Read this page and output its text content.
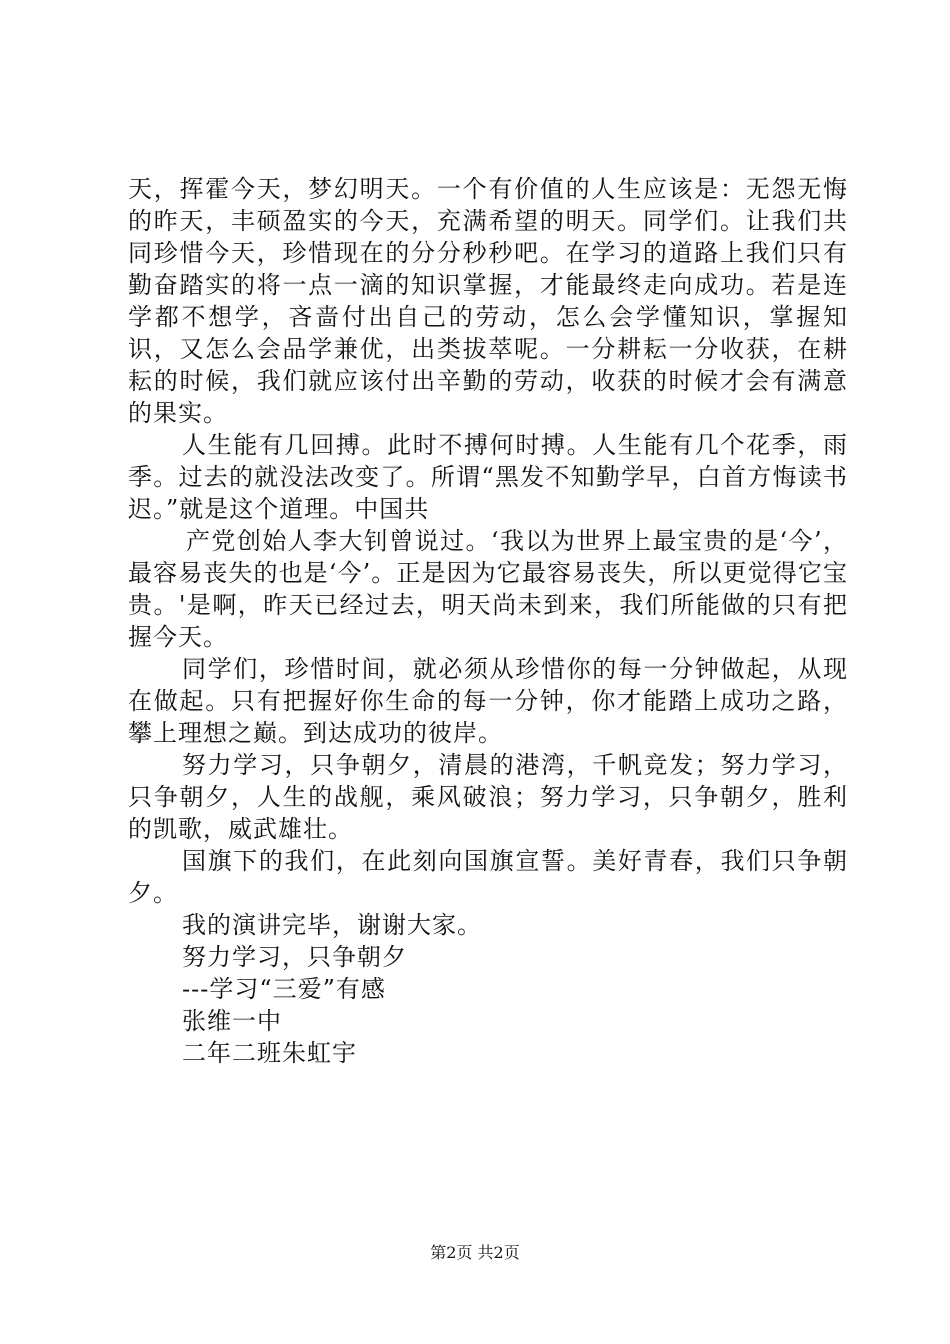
天，挥霍今天，梦幻明天。一个有价值的人生应该是：无怨无悔的昨天，丰硕盈实的今天，充满希望的明天。同学们。让我们共同珍惜今天，珍惜现在的分分秒秒吧。在学习的道路上我们只有勤奋踏实的将一点一滴的知识掌握，才能最终走向成功。若是连学都不想学，吝啬付出自己的劳动，怎么会学懂知识，掌握知识，又怎么会品学兼优，出类拔萃呢。一分耕耘一分收获，在耕耘的时候，我们就应该付出辛勤的劳动，收获的时候才会有满意的果实。

人生能有几回搏。此时不搏何时搏。人生能有几个花季，雨季。过去的就没法改变了。所谓“黑发不知勤学早，白首方悔读书迟。”就是这个道理。中国共

产党创始人李大钊曾说过。‘我以为世界上最宝贵的是‘今’，最容易丧失的也是‘今’。正是因为它最容易丧失，所以更觉得它宝贵。'是啊，昨天已经过去，明天尚未到来，我们所能做的只有把握今天。

同学们，珍惜时间，就必须从珍惜你的每一分钟做起，从现在做起。只有把握好你生命的每一分钟，你才能踏上成功之路，攀上理想之巅。到达成功的彼岸。

努力学习，只争朝夕，清晨的港湾，千帆竞发；努力学习，只争朝夕，人生的战舰，乘风破浪；努力学习，只争朝夕，胜利的凯歌，威武雄壮。

国旗下的我们，在此刻向国旗宣誓。美好青春，我们只争朝夕。

我的演讲完毕，谢谢大家。

努力学习，只争朝夕

---学习“三爱”有感

张维一中

二年二班朱虹宇

第2页 共2页
